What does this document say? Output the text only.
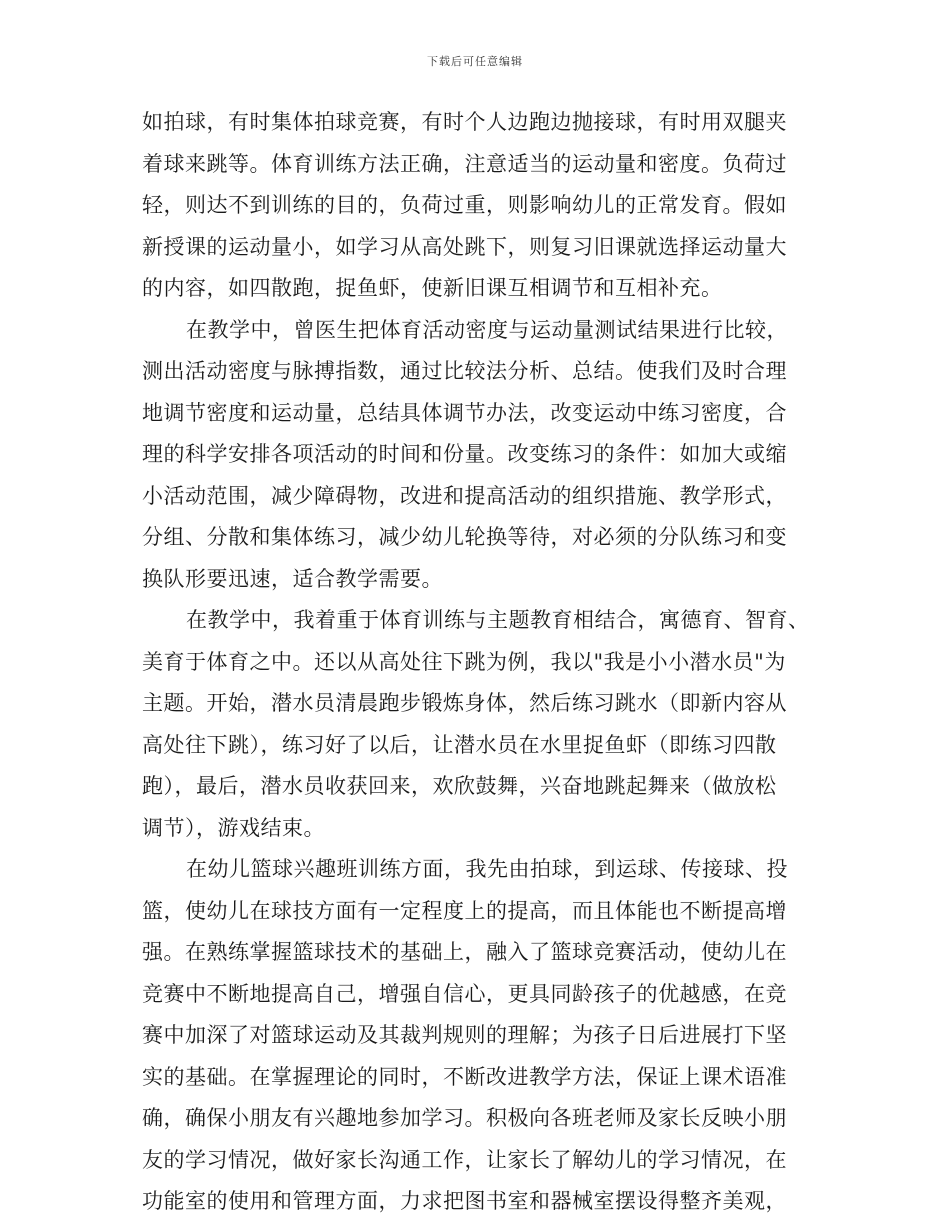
下载后可任意编辑
如拍球，有时集体拍球竞赛，有时个人边跑边抛接球，有时用双腿夹
着球来跳等。体育训练方法正确，注意适当的运动量和密度。负荷过
轻，则达不到训练的目的，负荷过重，则影响幼儿的正常发育。假如
新授课的运动量小，如学习从高处跳下，则复习旧课就选择运动量大
的内容，如四散跑，捉鱼虾，使新旧课互相调节和互相补充。
在教学中，曾医生把体育活动密度与运动量测试结果进行比较，
测出活动密度与脉搏指数，通过比较法分析、总结。使我们及时合理
地调节密度和运动量，总结具体调节办法，改变运动中练习密度，合
理的科学安排各项活动的时间和份量。改变练习的条件：如加大或缩
小活动范围，减少障碍物，改进和提高活动的组织措施、教学形式，
分组、分散和集体练习，减少幼儿轮换等待，对必须的分队练习和变
换队形要迅速，适合教学需要。
在教学中，我着重于体育训练与主题教育相结合，寓德育、智育、
美育于体育之中。还以从高处往下跳为例，我以"我是小小潜水员"为
主题。开始，潜水员清晨跑步锻炼身体，然后练习跳水（即新内容从
高处往下跳），练习好了以后，让潜水员在水里捉鱼虾（即练习四散
跑），最后，潜水员收获回来，欢欣鼓舞，兴奋地跳起舞来（做放松
调节），游戏结束。
在幼儿篮球兴趣班训练方面，我先由拍球，到运球、传接球、投
篮，使幼儿在球技方面有一定程度上的提高，而且体能也不断提高增
强。在熟练掌握篮球技术的基础上，融入了篮球竞赛活动，使幼儿在
竞赛中不断地提高自己，增强自信心，更具同龄孩子的优越感，在竞
赛中加深了对篮球运动及其裁判规则的理解；为孩子日后进展打下坚
实的基础。在掌握理论的同时，不断改进教学方法，保证上课术语准
确，确保小朋友有兴趣地参加学习。积极向各班老师及家长反映小朋
友的学习情况，做好家长沟通工作，让家长了解幼儿的学习情况，在
功能室的使用和管理方面，力求把图书室和器械室摆设得整齐美观，
